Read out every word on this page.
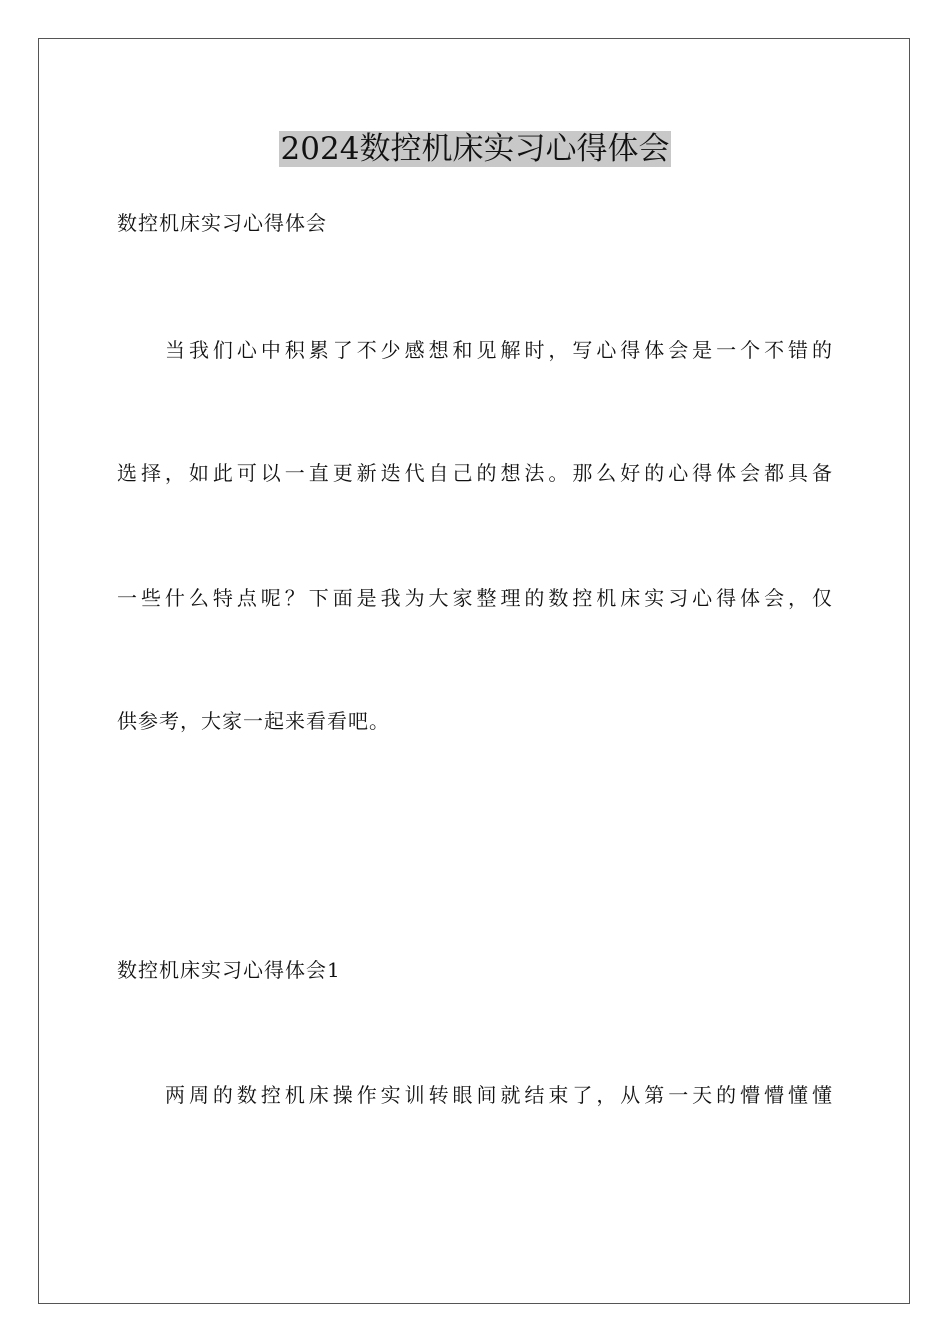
2024数控机床实习心得体会
数控机床实习心得体会
当我们心中积累了不少感想和见解时，写心得体会是一个不错的
选择，如此可以一直更新迭代自己的想法。那么好的心得体会都具备
一些什么特点呢？下面是我为大家整理的数控机床实习心得体会，仅
供参考，大家一起来看看吧。
数控机床实习心得体会1
两周的数控机床操作实训转眼间就结束了，从第一天的懵懵懂懂
